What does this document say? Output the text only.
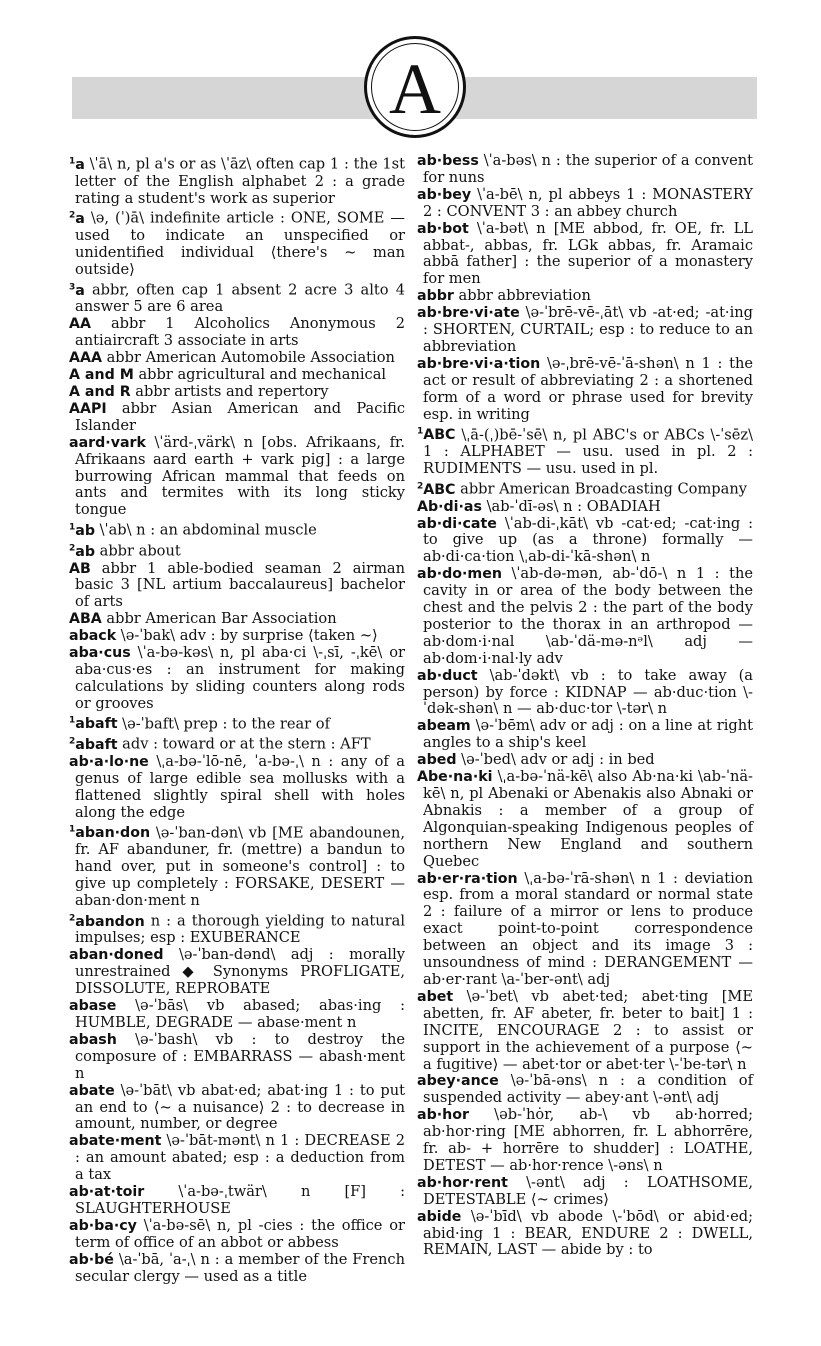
A

$^1$a \ˈā\ n, pl a's or as \ˈāz\ often cap 1 : the 1st letter of the English alphabet 2 : a grade rating a student's work as superior

$^2$a \ə, (ˈ)ā\ indefinite article : ONE, SOME — used to indicate an unspecified or unidentified individual ⟨there's ~ man outside⟩

$^3$a abbr, often cap 1 absent 2 acre 3 alto 4 answer 5 are 6 area

AA abbr 1 Alcoholics Anonymous 2 antiaircraft 3 associate in arts

AAA abbr American Automobile Association

A and M abbr agricultural and mechanical

A and R abbr artists and repertory

AAPI abbr Asian American and Pacific Islander

aard·vark \ˈärd-ˌvärk\ n [obs. Afrikaans, fr. Afrikaans aard earth + vark pig] : a large burrowing African mammal that feeds on ants and termites with its long sticky tongue

$^1$ab \ˈab\ n : an abdominal muscle

$^2$ab abbr about

AB abbr 1 able-bodied seaman 2 airman basic 3 [NL artium baccalaureus] bachelor of arts

ABA abbr American Bar Association

aback \ə-ˈbak\ adv : by surprise ⟨taken ~⟩

aba·cus \ˈa-bə-kəs\ n, pl aba·ci \-ˌsī, -ˌkē\ or aba·cus·es : an instrument for making calculations by sliding counters along rods or grooves

$^1$abaft \ə-ˈbaft\ prep : to the rear of

$^2$abaft adv : toward or at the stern : AFT

ab·a·lo·ne \ˌa-bə-ˈlō-nē, ˈa-bə-ˌ\ n : any of a genus of large edible sea mollusks with a flattened slightly spiral shell with holes along the edge

$^1$aban·don \ə-ˈban-dən\ vb [ME abandounen, fr. AF abanduner, fr. (mettre) a bandun to hand over, put in someone's control] : to give up completely : FORSAKE, DESERT — aban·don·ment n

$^2$abandon n : a thorough yielding to natural impulses; esp : EXUBERANCE

aban·doned \ə-ˈban-dənd\ adj : morally unrestrained ◆ Synonyms PROFLIGATE, DISSOLUTE, REPROBATE

abase \ə-ˈbās\ vb abased; abas·ing : HUMBLE, DEGRADE — abase·ment n

abash \ə-ˈbash\ vb : to destroy the composure of : EMBARRASS — abash·ment n

abate \ə-ˈbāt\ vb abat·ed; abat·ing 1 : to put an end to ⟨~ a nuisance⟩ 2 : to decrease in amount, number, or degree

abate·ment \ə-ˈbāt-mənt\ n 1 : DECREASE 2 : an amount abated; esp : a deduction from a tax

ab·at·toir \ˈa-bə-ˌtwär\ n [F] : SLAUGHTERHOUSE

ab·ba·cy \ˈa-bə-sē\ n, pl -cies : the office or term of office of an abbot or abbess

ab·bé \a-ˈbā, ˈa-ˌ\ n : a member of the French secular clergy — used as a title

ab·bess \ˈa-bəs\ n : the superior of a convent for nuns

ab·bey \ˈa-bē\ n, pl abbeys 1 : MONASTERY 2 : CONVENT 3 : an abbey church

ab·bot \ˈa-bət\ n [ME abbod, fr. OE, fr. LL abbat-, abbas, fr. LGk abbas, fr. Aramaic abbā father] : the superior of a monastery for men

abbr abbr abbreviation

ab·bre·vi·ate \ə-ˈbrē-vē-ˌāt\ vb -at·ed; -at·ing : SHORTEN, CURTAIL; esp : to reduce to an abbreviation

ab·bre·vi·a·tion \ə-ˌbrē-vē-ˈā-shən\ n 1 : the act or result of abbreviating 2 : a shortened form of a word or phrase used for brevity esp. in writing

$^1$ABC \ˌā-(ˌ)bē-ˈsē\ n, pl ABC's or ABCs \-ˈsēz\ 1 : ALPHABET — usu. used in pl. 2 : RUDIMENTS — usu. used in pl.

$^2$ABC abbr American Broadcasting Company

Ab·di·as \ab-ˈdī-əs\ n : OBADIAH

ab·di·cate \ˈab-di-ˌkāt\ vb -cat·ed; -cat·ing : to give up (as a throne) formally — ab·di·ca·tion \ˌab-di-ˈkā-shən\ n

ab·do·men \ˈab-də-mən, ab-ˈdō-\ n 1 : the cavity in or area of the body between the chest and the pelvis 2 : the part of the body posterior to the thorax in an arthropod — ab·dom·i·nal \ab-ˈdä-mə-nᵊl\ adj — ab·dom·i·nal·ly adv

ab·duct \ab-ˈdəkt\ vb : to take away (a person) by force : KIDNAP — ab·duc·tion \-ˈdək-shən\ n — ab·duc·tor \-tər\ n

abeam \ə-ˈbēm\ adv or adj : on a line at right angles to a ship's keel

abed \ə-ˈbed\ adv or adj : in bed

Abe·na·ki \ˌa-bə-ˈnä-kē\ also Ab·na·ki \ab-ˈnä-kē\ n, pl Abenaki or Abenakis also Abnaki or Abnakis : a member of a group of Algonquian-speaking Indigenous peoples of northern New England and southern Quebec

ab·er·ra·tion \ˌa-bə-ˈrā-shən\ n 1 : deviation esp. from a moral standard or normal state 2 : failure of a mirror or lens to produce exact point-to-point correspondence between an object and its image 3 : unsoundness of mind : DERANGEMENT — ab·er·rant \a-ˈber-ənt\ adj

abet \ə-ˈbet\ vb abet·ted; abet·ting [ME abetten, fr. AF abeter, fr. beter to bait] 1 : INCITE, ENCOURAGE 2 : to assist or support in the achievement of a purpose ⟨~ a fugitive⟩ — abet·tor or abet·ter \-ˈbe-tər\ n

abey·ance \ə-ˈbā-əns\ n : a condition of suspended activity — abey·ant \-ənt\ adj

ab·hor \əb-ˈhȯr, ab-\ vb ab·horred; ab·hor·ring [ME abhorren, fr. L abhorrēre, fr. ab- + horrēre to shudder] : LOATHE, DETEST — ab·hor·rence \-əns\ n

ab·hor·rent \-ənt\ adj : LOATHSOME, DETESTABLE ⟨~ crimes⟩

abide \ə-ˈbīd\ vb abode \-ˈbōd\ or abid·ed; abid·ing 1 : BEAR, ENDURE 2 : DWELL, REMAIN, LAST — abide by : to
